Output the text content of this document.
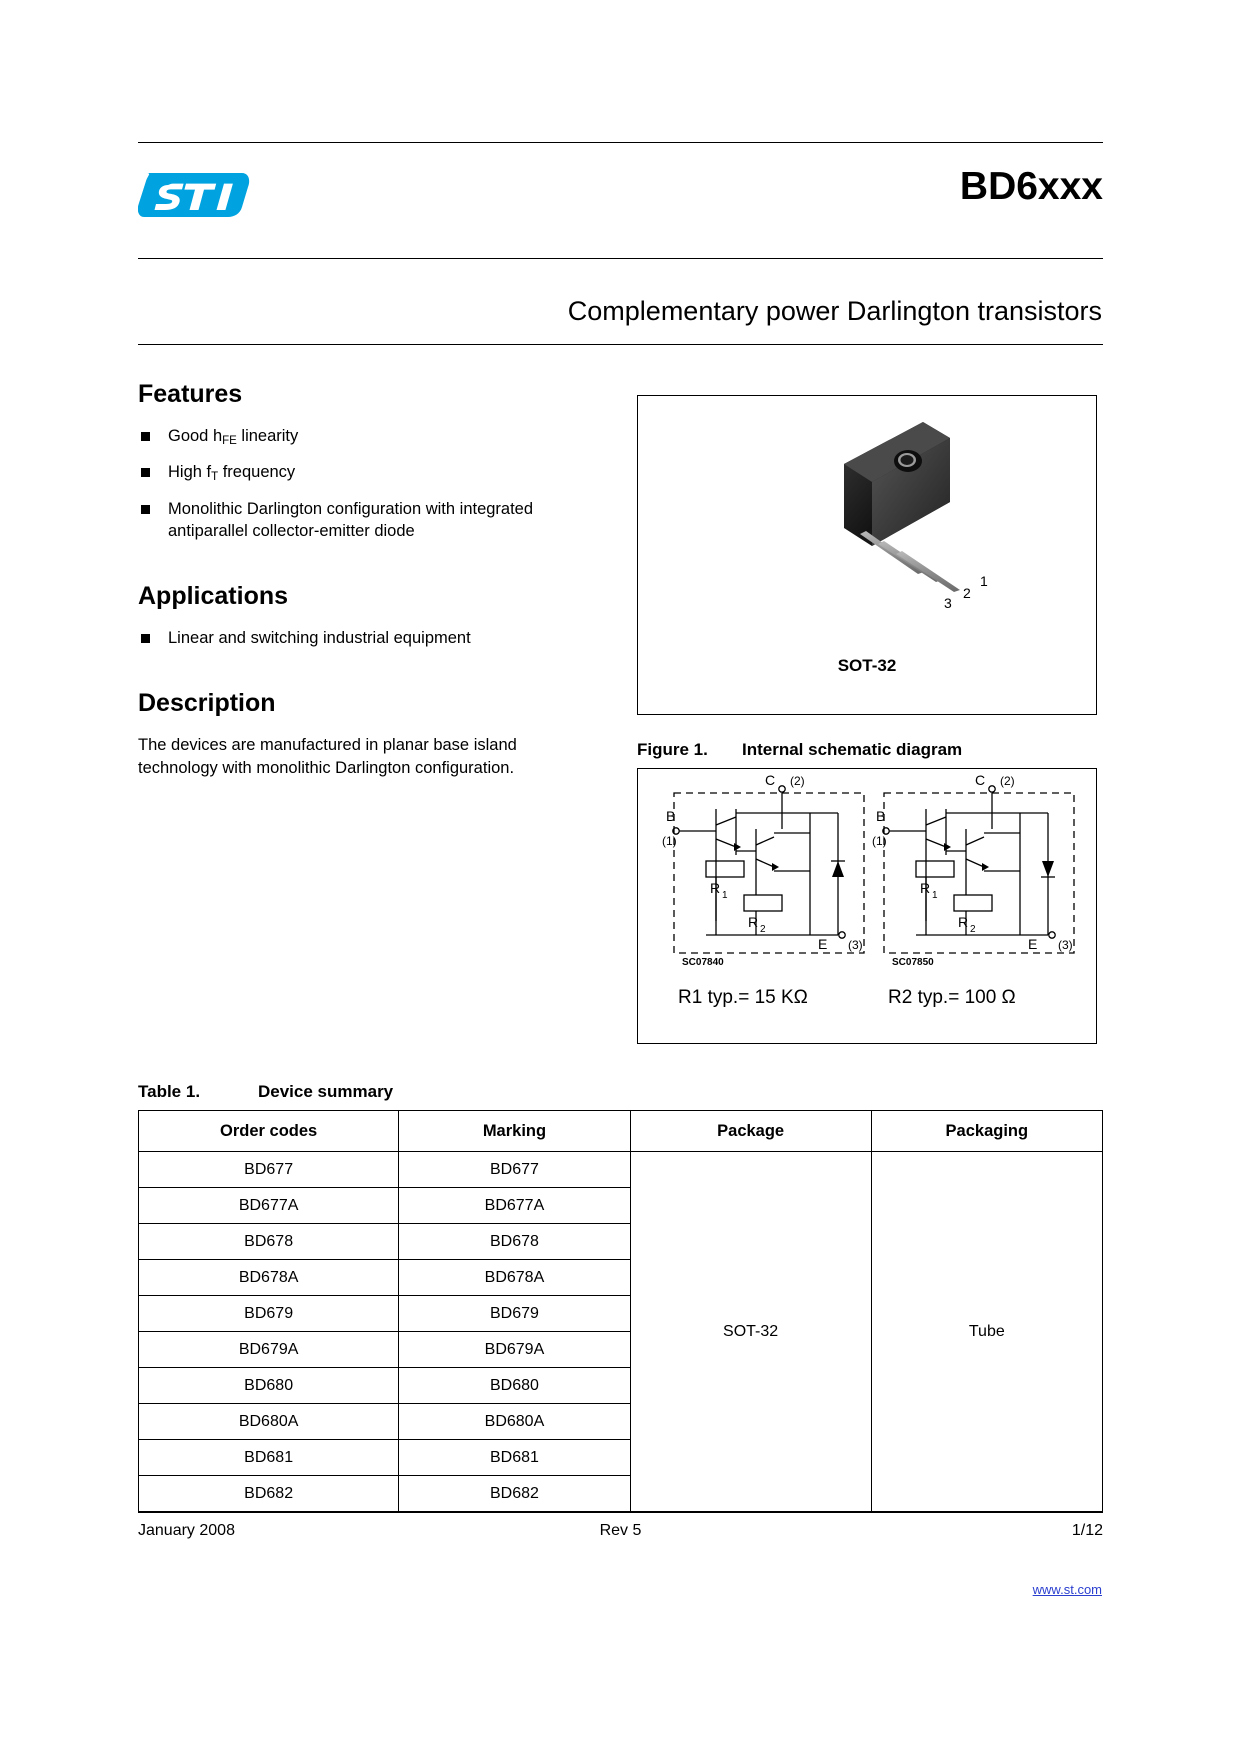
BD6xxx
Complementary power Darlington transistors
Features
Good $h_{FE}$ linearity
High $f_T$ frequency
Monolithic Darlington configuration with integrated antiparallel collector-emitter diode
Applications
Linear and switching industrial equipment
Description

The devices are manufactured in planar base island technology with monolithic Darlington configuration.

1
2
3
SOT-32
Figure 1. Internal schematic diagram
C (2)
B
(1)
R 1
R 2
E (3)
SC07840
C (2)
B
(1)
R 1
R 2
E (3)
SC07850
R1 typ.= 15 KΩ	R2 typ.= 100 Ω
Table 1.	Device summary
Order codes	Marking	Package	Packaging
BD677	BD677	SOT-32	Tube
BD677A	BD677A		
BD678	BD678		
BD678A	BD678A		
BD679	BD679		
BD679A	BD679A		
BD680	BD680		
BD680A	BD680A		
BD681	BD681		
BD682	BD682		
January 2008	Rev 5	1/12
www.st.com
